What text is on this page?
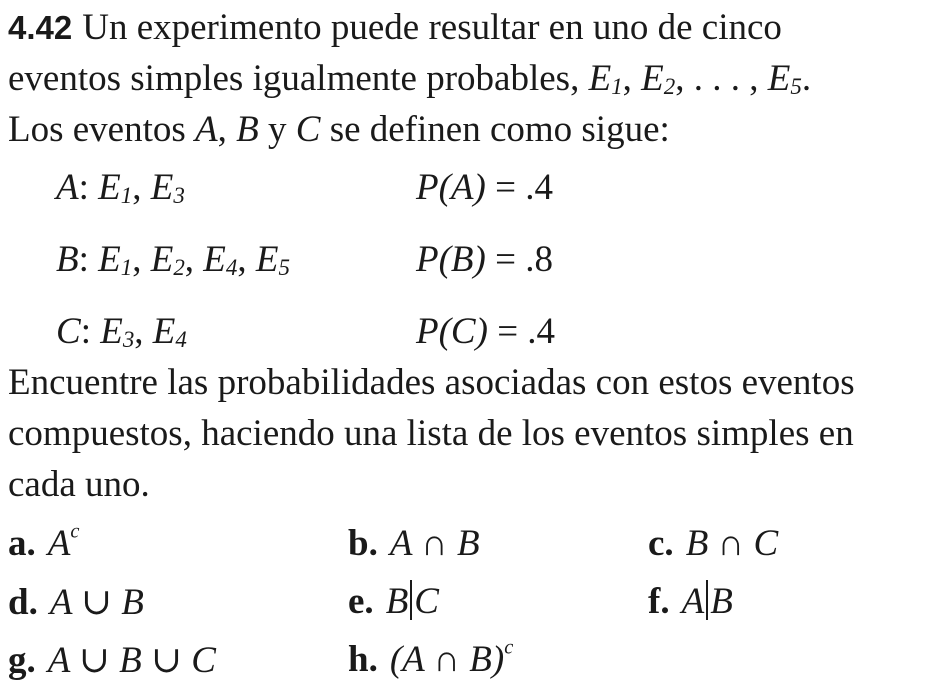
4.42 Un experimento puede resultar en uno de cinco
eventos simples igualmente probables, $E_1$, $E_2$, . . . , $E_5$.
Los eventos A, B y C se definen como sigue:
A: $E_1$, $E_3$	P(A) = .4
B: $E_1$, $E_2$, $E_4$, $E_5$	P(B) = .8
C: $E_3$, $E_4$	P(C) = .4
Encuentre las probabilidades asociadas con estos eventos
compuestos, haciendo una lista de los eventos simples en
cada uno.
a. $A^c$	b. A ∩ B	c. B ∩ C
d. A ∪ B	e. B C	f. A B
g. A ∪ B ∪ C	h. (A ∩ B)$^c$
